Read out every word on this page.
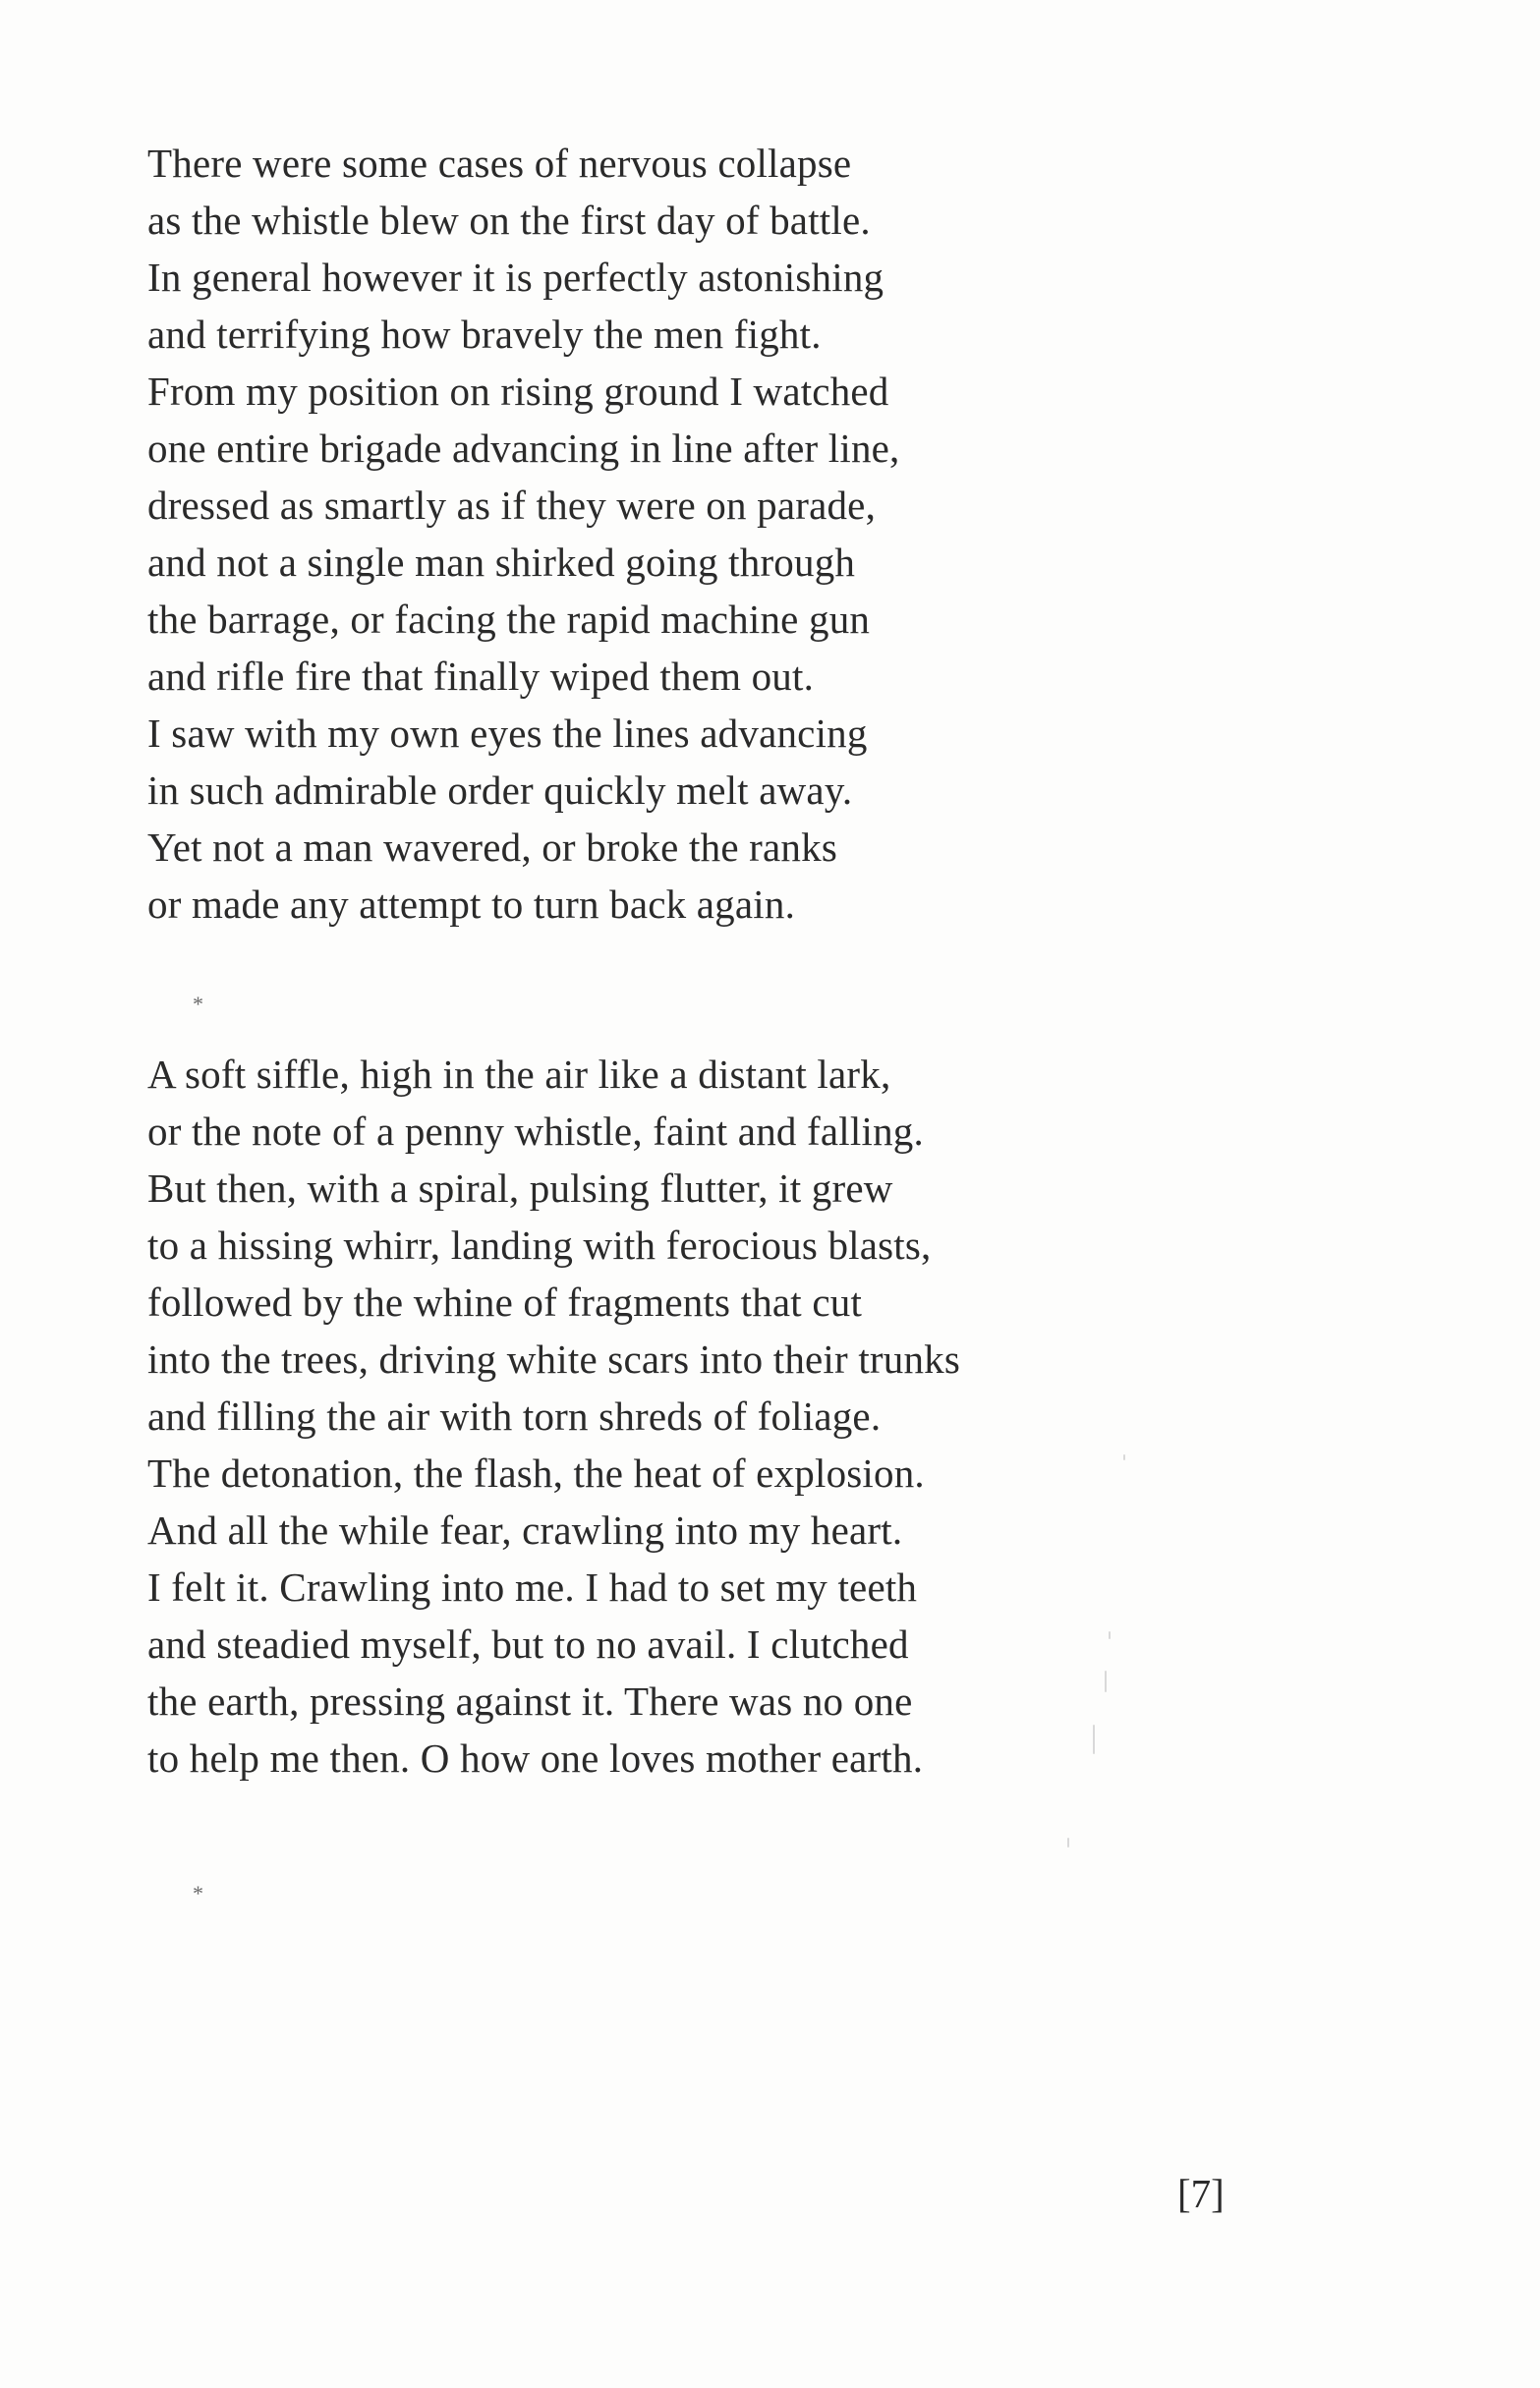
There were some cases of nervous collapse
as the whistle blew on the first day of battle.
In general however it is perfectly astonishing
and terrifying how bravely the men fight.
From my position on rising ground I watched
one entire brigade advancing in line after line,
dressed as smartly as if they were on parade,
and not a single man shirked going through
the barrage, or facing the rapid machine gun
and rifle fire that finally wiped them out.
I saw with my own eyes the lines advancing
in such admirable order quickly melt away.
Yet not a man wavered, or broke the ranks
or made any attempt to turn back again.
*
A soft siffle, high in the air like a distant lark,
or the note of a penny whistle, faint and falling.
But then, with a spiral, pulsing flutter, it grew
to a hissing whirr, landing with ferocious blasts,
followed by the whine of fragments that cut
into the trees, driving white scars into their trunks
and filling the air with torn shreds of foliage.
The detonation, the flash, the heat of explosion.
And all the while fear, crawling into my heart.
I felt it. Crawling into me. I had to set my teeth
and steadied myself, but to no avail. I clutched
the earth, pressing against it. There was no one
to help me then. O how one loves mother earth.
*
[7]
